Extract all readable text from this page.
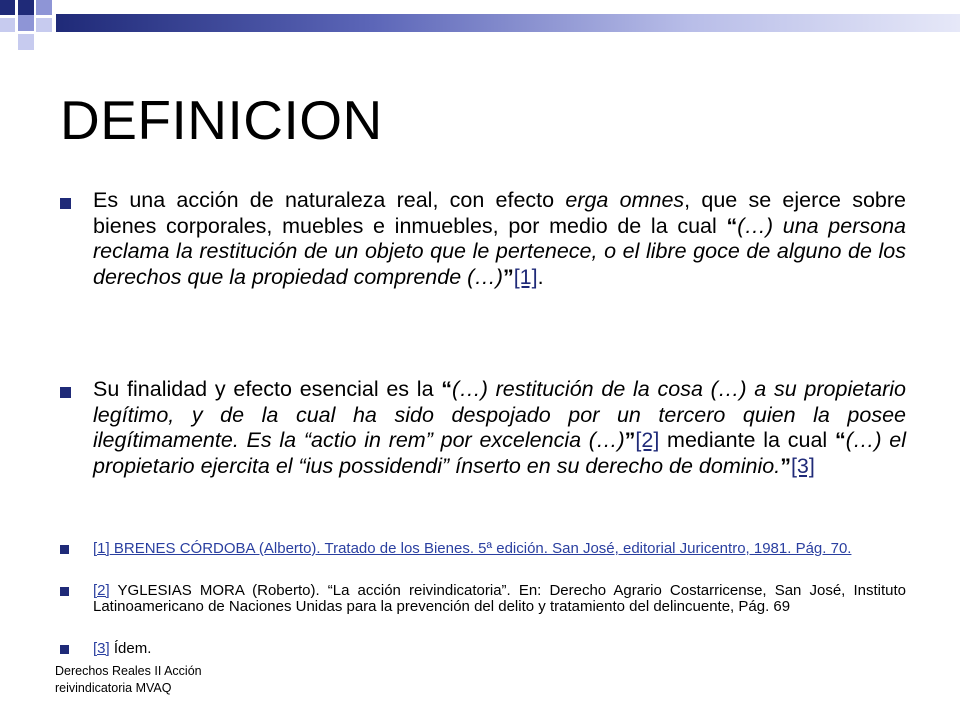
DEFINICION
Es una acción de naturaleza real, con efecto erga omnes, que se ejerce sobre bienes corporales, muebles e inmuebles, por medio de la cual “(…) una persona reclama la restitución de un objeto que le pertenece, o el libre goce de alguno de los derechos que la propiedad comprende (…)”[1].
Su finalidad y efecto esencial es la “(…) restitución de la cosa (…) a su propietario legítimo, y de la cual ha sido despojado por un tercero quien la posee ilegítimamente. Es la “actio in rem” por excelencia (…)”[2] mediante la cual “(…) el propietario ejercita el “ius possidendi” ínserto en su derecho de dominio.”[3]
[1] BRENES CÓRDOBA (Alberto). Tratado de los Bienes. 5ª edición. San José, editorial Juricentro, 1981. Pág. 70.
[2] YGLESIAS MORA (Roberto). “La acción reivindicatoria”. En: Derecho Agrario Costarricense, San José, Instituto Latinoamericano de Naciones Unidas para la prevención del delito y tratamiento del delincuente, Pág. 69
[3] Ídem.
Derechos Reales II Acción reivindicatoria MVAQ
